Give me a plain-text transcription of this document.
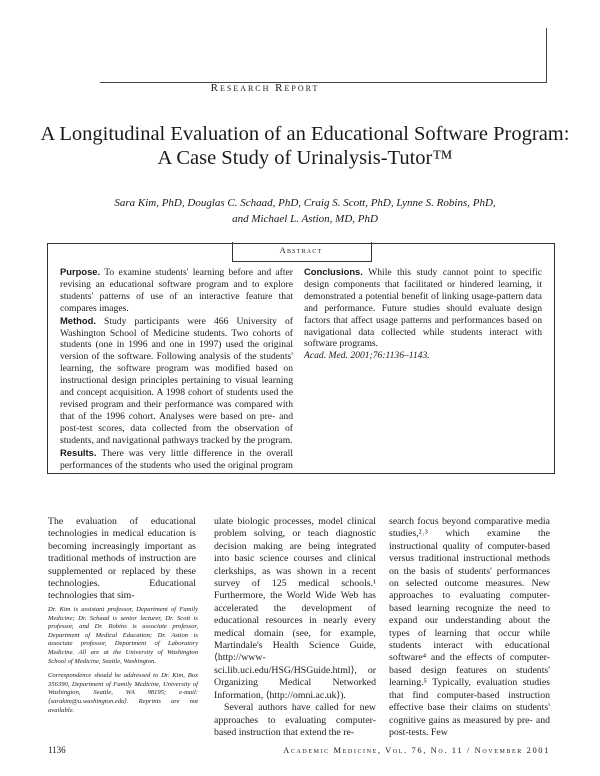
Research Report
A Longitudinal Evaluation of an Educational Software Program: A Case Study of Urinalysis-Tutor™
Sara Kim, PhD, Douglas C. Schaad, PhD, Craig S. Scott, PhD, Lynne S. Robins, PhD,
and Michael L. Astion, MD, PhD
Abstract

Purpose. To examine students' learning before and after revising an educational software program and to explore students' patterns of use of an interactive feature that compares images.

Method. Study participants were 466 University of Washington School of Medicine students. Two cohorts of students (one in 1996 and one in 1997) used the original version of the software. Following analysis of the students' learning, the software program was modified based on instructional design principles pertaining to visual learning and concept acquisition. A 1998 cohort of students used the revised program and their performance was compared with that of the 1996 cohort. Analyses were based on pre- and post-test scores, data collected from the observation of students, and navigational pathways tracked by the program.

Results. There was very little difference in the overall performances of the students who used the original program

Conclusions. While this study cannot point to specific design components that facilitated or hindered learning, it demonstrated a potential benefit of linking usage-pattern data and performance. Future studies should evaluate design factors that affect usage patterns and performances based on navigational data collected while students interact with software programs.

Acad. Med. 2001;76:1136–1143.

The evaluation of educational technologies in medical education is becoming increasingly important as traditional methods of instruction are supplemented or replaced by these technologies. Educational technologies that sim-

Dr. Kim is assistant professor, Department of Family Medicine; Dr. Schaad is senior lecturer, Dr. Scott is professor, and Dr. Robins is associate professor, Department of Medical Education; Dr. Astion is associate professor, Department of Laboratory Medicine. All are at the University of Washington School of Medicine, Seattle, Washington.

Correspondence should be addressed to Dr. Kim, Box 356390, Department of Family Medicine, University of Washington, Seattle, WA 98195; e-mail: ⟨sarakim@u.washington.edu⟩. Reprints are not available.

ulate biologic processes, model clinical problem solving, or teach diagnostic decision making are being integrated into basic science courses and clinical clerkships, as was shown in a recent survey of 125 medical schools.¹ Furthermore, the World Wide Web has accelerated the development of educational resources in nearly every medical domain (see, for example, Martindale's Health Science Guide, ⟨http://www-sci.lib.uci.edu/HSG/HSGuide.html⟩, or Organizing Medical Networked Information, ⟨http://omni.ac.uk⟩).

Several authors have called for new approaches to evaluating computer-based instruction that extend the re-

search focus beyond comparative media studies,²˒³ which examine the instructional quality of computer-based versus traditional instructional methods on the basis of students' performances on selected outcome measures. New approaches to evaluating computer-based learning recognize the need to expand our understanding about the types of learning that occur while students interact with educational software⁴ and the effects of computer-based design features on students' learning.⁵ Typically, evaluation studies that find computer-based instruction effective base their claims on students' cognitive gains as measured by pre- and post-tests. Few

1136	Academic Medicine, Vol. 76, No. 11 / November 2001
